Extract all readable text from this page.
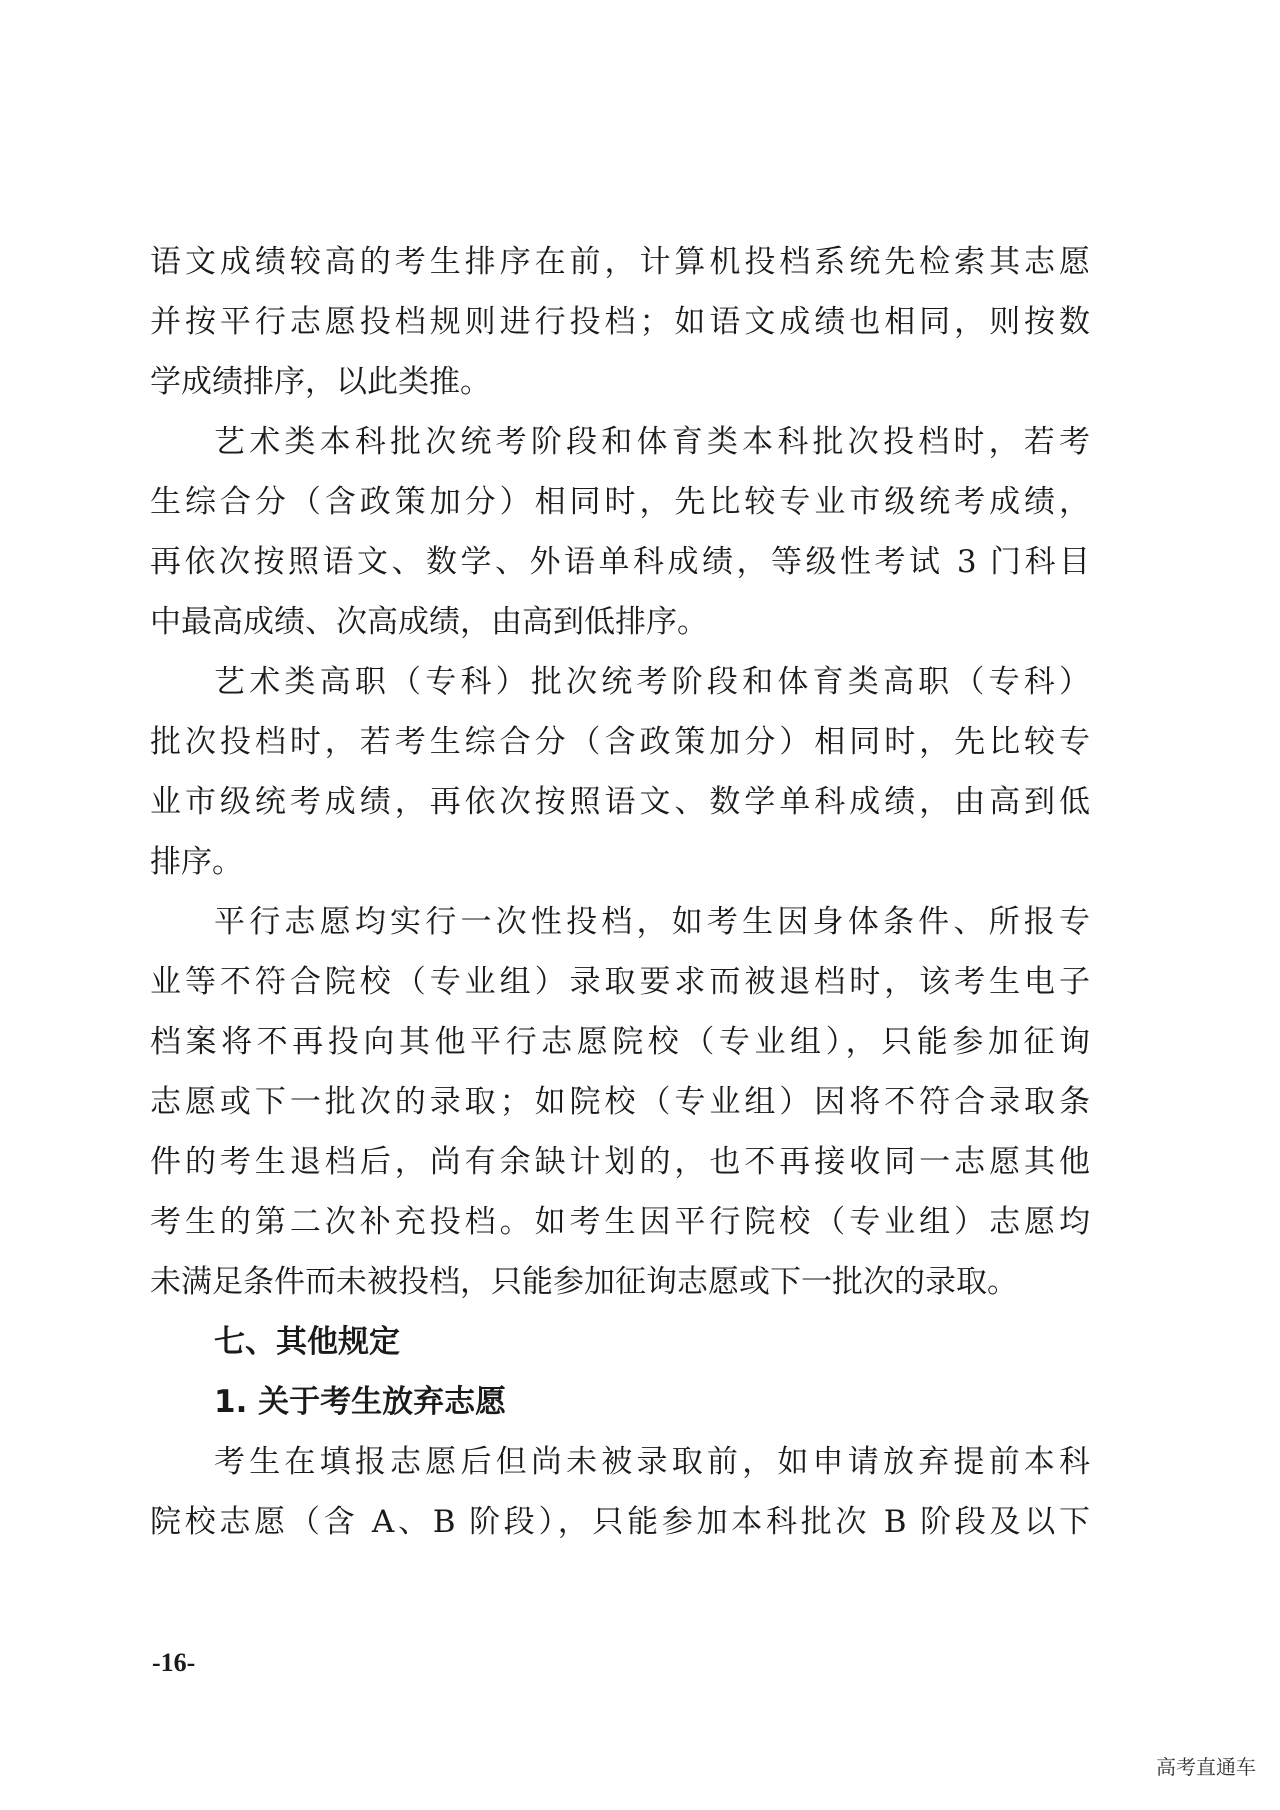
语文成绩较高的考生排序在前，计算机投档系统先检索其志愿
并按平行志愿投档规则进行投档；如语文成绩也相同，则按数
学成绩排序，以此类推。
艺术类本科批次统考阶段和体育类本科批次投档时，若考
生综合分（含政策加分）相同时，先比较专业市级统考成绩，
再依次按照语文、数学、外语单科成绩，等级性考试 3 门科目
中最高成绩、次高成绩，由高到低排序。
艺术类高职（专科）批次统考阶段和体育类高职（专科）
批次投档时，若考生综合分（含政策加分）相同时，先比较专
业市级统考成绩，再依次按照语文、数学单科成绩，由高到低
排序。
平行志愿均实行一次性投档，如考生因身体条件、所报专
业等不符合院校（专业组）录取要求而被退档时，该考生电子
档案将不再投向其他平行志愿院校（专业组），只能参加征询
志愿或下一批次的录取；如院校（专业组）因将不符合录取条
件的考生退档后，尚有余缺计划的，也不再接收同一志愿其他
考生的第二次补充投档。如考生因平行院校（专业组）志愿均
未满足条件而未被投档，只能参加征询志愿或下一批次的录取。
七、其他规定
1. 关于考生放弃志愿
考生在填报志愿后但尚未被录取前，如申请放弃提前本科
院校志愿（含 A、B 阶段），只能参加本科批次 B 阶段及以下
-16-
高考直通车
